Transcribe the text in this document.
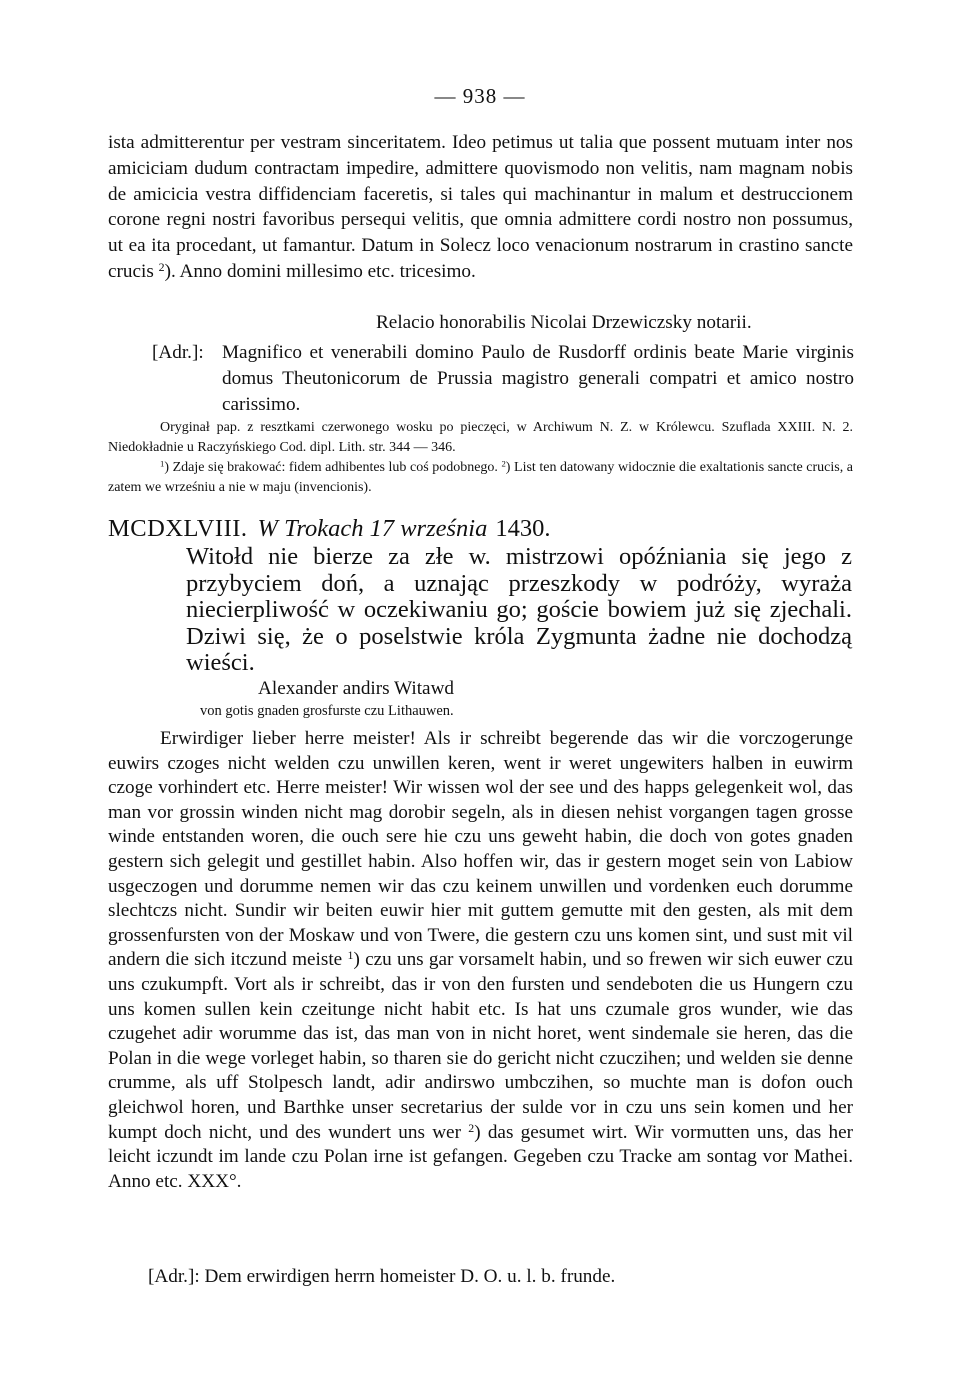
— 938 —
ista admitterentur per vestram sinceritatem. Ideo petimus ut talia que possent mutuam inter nos amiciciam dudum contractam impedire, admittere quovismodo non velitis, nam magnam nobis de amicicia vestra diffidenciam faceretis, si tales qui machinantur in malum et destruccionem corone regni nostri favoribus persequi velitis, que omnia admittere cordi nostro non possumus, ut ea ita procedant, ut famantur. Datum in Solecz loco venacionum nostrarum in crastino sancte crucis $^2$). Anno domini millesimo etc. tricesimo.
Relacio honorabilis Nicolai Drzewiczsky notarii.
[Adr.]: Magnifico et venerabili domino Paulo de Rusdorff ordinis beate Marie virginis domus Theutonicorum de Prussia magistro generali compatri et amico nostro carissimo.
Oryginał pap. z resztkami czerwonego wosku po pieczęci, w Archiwum N. Z. w Królewcu. Szuflada XXIII. N. 2. Niedokładnie u Raczyńskiego Cod. dipl. Lith. str. 344 — 346.
$^1$) Zdaje się brakować: fidem adhibentes lub coś podobnego. $^2$) List ten datowany widocznie die exaltationis sancte crucis, a zatem we wrześniu a nie w maju (invencionis).
MCDXLVIII. W Trokach 17 września 1430.
Witołd nie bierze za złe w. mistrzowi opóźniania się jego z przybyciem doń, a uznając przeszkody w podróży, wyraża niecierpliwość w oczekiwaniu go; goście bowiem już się zjechali. Dziwi się, że o poselstwie króla Zygmunta żadne nie dochodzą wieści.
Alexander andirs Witawd
von gotis gnaden grosfurste czu Lithauwen.
Erwirdiger lieber herre meister! Als ir schreibt begerende das wir die vorczogerunge euwirs czoges nicht welden czu unwillen keren, went ir weret ungewiters halben in euwirm czoge vorhindert etc. Herre meister! Wir wissen wol der see und des happs gelegenkeit wol, das man vor grossin winden nicht mag dorobir segeln, als in diesen nehist vorgangen tagen grosse winde entstanden woren, die ouch sere hie czu uns geweht habin, die doch von gotes gnaden gestern sich gelegit und gestillet habin. Also hoffen wir, das ir gestern moget sein von Labiow usgeczogen und dorumme nemen wir das czu keinem unwillen und vordenken euch dorumme slechtczs nicht. Sundir wir beiten euwir hier mit guttem gemutte mit den gesten, als mit dem grossenfursten von der Moskaw und von Twere, die gestern czu uns komen sint, und sust mit vil andern die sich itczund meiste $^1$) czu uns gar vorsamelt habin, und so frewen wir sich euwer czu uns czukumpft. Vort als ir schreibt, das ir von den fursten und sendeboten die us Hungern czu uns komen sullen kein czeitunge nicht habit etc. Is hat uns czumale gros wunder, wie das czugehet adir worumme das ist, das man von in nicht horet, went sindemale sie heren, das die Polan in die wege vorleget habin, so tharen sie do gericht nicht czuczihen; und welden sie denne crumme, als uff Stolpesch landt, adir andirswo umbczihen, so muchte man is dofon ouch gleichwol horen, und Barthke unser secretarius der sulde vor in czu uns sein komen und her kumpt doch nicht, und des wundert uns wer $^2$) das gesumet wirt. Wir vormutten uns, das her leicht iczundt im lande czu Polan irne ist gefangen. Gegeben czu Tracke am sontag vor Mathei. Anno etc. XXX°.
[Adr.]: Dem erwirdigen herrn homeister D. O. u. l. b. frunde.
